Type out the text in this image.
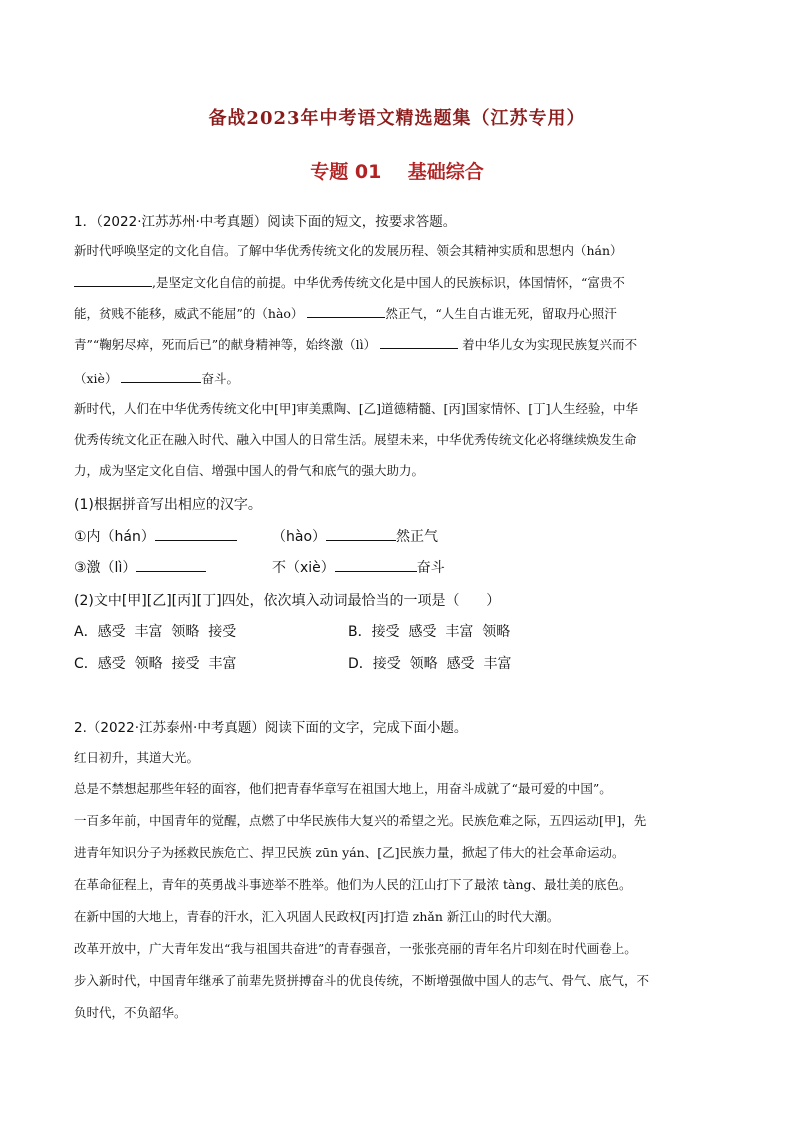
备战2023年中考语文精选题集（江苏专用）
专题 01    基础综合
1．（2022·江苏苏州·中考真题）阅读下面的短文，按要求答题。
新时代呼唤坚定的文化自信。了解中华优秀传统文化的发展历程、领会其精神实质和思想内（hán）
,是坚定文化自信的前提。中华优秀传统文化是中国人的民族标识，体国情怀，“富贵不
能，贫贱不能移，威武不能屈”的（hào）	然正气，“人生自古谁无死，留取丹心照汗
青”“鞠躬尽瘁，死而后已”的献身精神等，始终激（lì）	着中华儿女为实现民族复兴而不
（xiè）	奋斗。
新时代，人们在中华优秀传统文化中[甲]审美熏陶、[乙]道德精髓、[丙]国家情怀、[丁]人生经验，中华
优秀传统文化正在融入时代、融入中国人的日常生活。展望未来，中华优秀传统文化必将继续焕发生命
力，成为坚定文化自信、增强中国人的骨气和底气的强大助力。
(1)根据拼音写出相应的汉字。
①内（hán）	（hào）	然正气
③激（lì）	不（xiè）	奋斗
(2)文中[甲][乙][丙][丁]四处，依次填入动词最恰当的一项是（      ）
A．感受  丰富  领略  接受	B．接受  感受  丰富  领略
C．感受  领略  接受  丰富	D．接受  领略  感受  丰富
2.（2022·江苏泰州·中考真题）阅读下面的文字，完成下面小题。
红日初升，其道大光。
总是不禁想起那些年轻的面容，他们把青春华章写在祖国大地上，用奋斗成就了“最可爱的中国”。
一百多年前，中国青年的觉醒，点燃了中华民族伟大复兴的希望之光。民族危难之际，五四运动[甲]，先
进青年知识分子为拯救民族危亡、捍卫民族 zūn yán、[乙]民族力量，掀起了伟大的社会革命运动。
在革命征程上，青年的英勇战斗事迹举不胜举。他们为人民的江山打下了最浓 tàng、最壮美的底色。
在新中国的大地上，青春的汗水，汇入巩固人民政权[丙]打造 zhǎn 新江山的时代大潮。
改革开放中，广大青年发出“我与祖国共奋进”的青春强音，一张张亮丽的青年名片印刻在时代画卷上。
步入新时代，中国青年继承了前辈先贤拼搏奋斗的优良传统，不断增强做中国人的志气、骨气、底气，不
负时代，不负韶华。
